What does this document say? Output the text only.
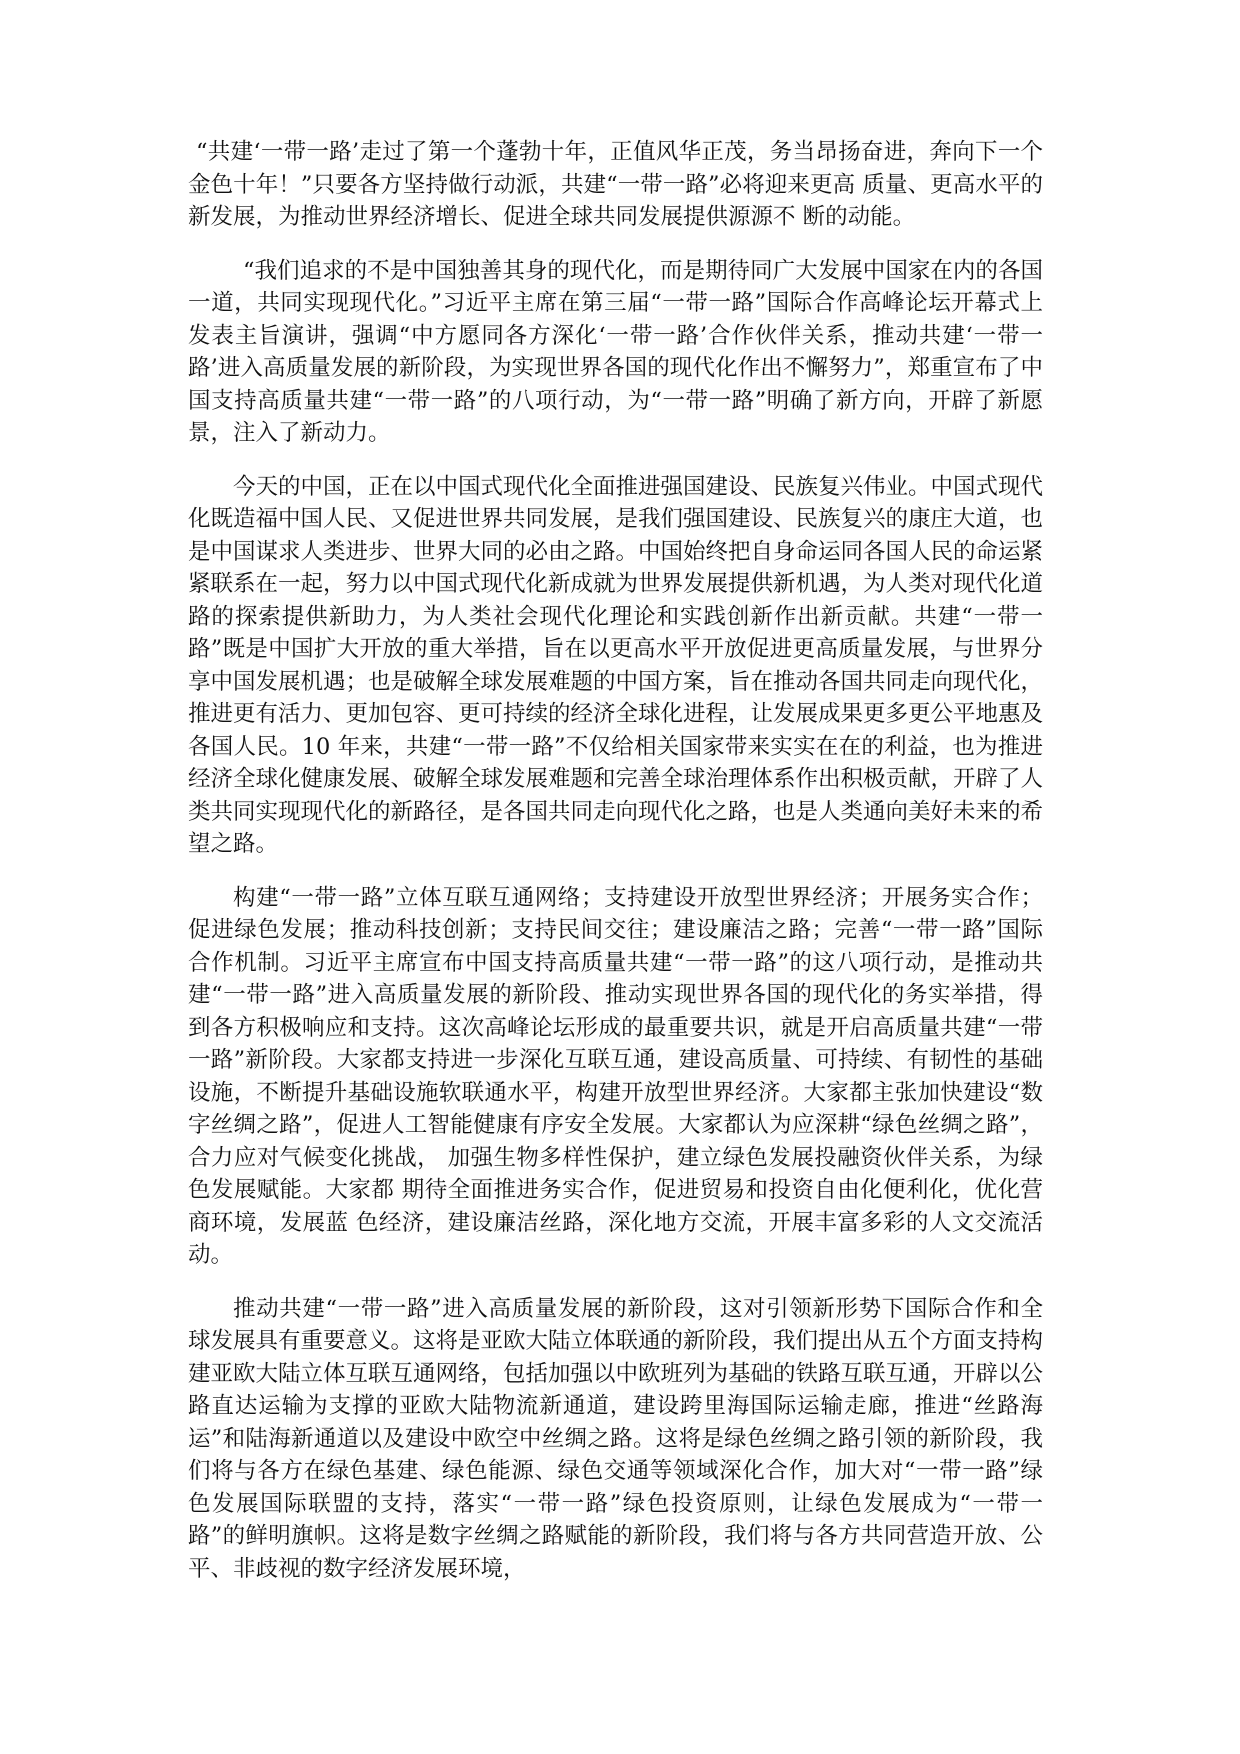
“共建‘一带一路’走过了第一个蓬勃十年，正值风华正茂，务当昂扬奋进，奔向下一个金色十年！”只要各方坚持做行动派，共建“一带一路”必将迎来更高 质量、更高水平的新发展，为推动世界经济增长、促进全球共同发展提供源源不 断的动能。

“我们追求的不是中国独善其身的现代化，而是期待同广大发展中国家在内的各国一道，共同实现现代化。”习近平主席在第三届“一带一路”国际合作高峰论坛开幕式上发表主旨演讲，强调“中方愿同各方深化‘一带一路’合作伙伴关系，推动共建‘一带一路’进入高质量发展的新阶段，为实现世界各国的现代化作出不懈努力”，郑重宣布了中国支持高质量共建“一带一路”的八项行动，为“一带一路”明确了新方向，开辟了新愿景，注入了新动力。

今天的中国，正在以中国式现代化全面推进强国建设、民族复兴伟业。中国式现代化既造福中国人民、又促进世界共同发展，是我们强国建设、民族复兴的康庄大道，也是中国谋求人类进步、世界大同的必由之路。中国始终把自身命运同各国人民的命运紧紧联系在一起，努力以中国式现代化新成就为世界发展提供新机遇，为人类对现代化道路的探索提供新助力，为人类社会现代化理论和实践创新作出新贡献。共建“一带一路”既是中国扩大开放的重大举措，旨在以更高水平开放促进更高质量发展，与世界分享中国发展机遇；也是破解全球发展难题的中国方案，旨在推动各国共同走向现代化，推进更有活力、更加包容、更可持续的经济全球化进程，让发展成果更多更公平地惠及各国人民。10 年来，共建“一带一路”不仅给相关国家带来实实在在的利益，也为推进经济全球化健康发展、破解全球发展难题和完善全球治理体系作出积极贡献，开辟了人类共同实现现代化的新路径，是各国共同走向现代化之路，也是人类通向美好未来的希望之路。

构建“一带一路”立体互联互通网络；支持建设开放型世界经济；开展务实合作；促进绿色发展；推动科技创新；支持民间交往；建设廉洁之路；完善“一带一路”国际合作机制。习近平主席宣布中国支持高质量共建“一带一路”的这八项行动，是推动共建“一带一路”进入高质量发展的新阶段、推动实现世界各国的现代化的务实举措，得到各方积极响应和支持。这次高峰论坛形成的最重要共识，就是开启高质量共建“一带一路”新阶段。大家都支持进一步深化互联互通，建设高质量、可持续、有韧性的基础设施，不断提升基础设施软联通水平，构建开放型世界经济。大家都主张加快建设“数字丝绸之路”，促进人工智能健康有序安全发展。大家都认为应深耕“绿色丝绸之路”，合力应对气候变化挑战， 加强生物多样性保护，建立绿色发展投融资伙伴关系，为绿色发展赋能。大家都 期待全面推进务实合作，促进贸易和投资自由化便利化，优化营商环境，发展蓝 色经济，建设廉洁丝路，深化地方交流，开展丰富多彩的人文交流活动。

推动共建“一带一路”进入高质量发展的新阶段，这对引领新形势下国际合作和全球发展具有重要意义。这将是亚欧大陆立体联通的新阶段，我们提出从五个方面支持构建亚欧大陆立体互联互通网络，包括加强以中欧班列为基础的铁路互联互通，开辟以公路直达运输为支撑的亚欧大陆物流新通道，建设跨里海国际运输走廊，推进“丝路海运”和陆海新通道以及建设中欧空中丝绸之路。这将是绿色丝绸之路引领的新阶段，我们将与各方在绿色基建、绿色能源、绿色交通等领域深化合作，加大对“一带一路”绿色发展国际联盟的支持，落实“一带一路”绿色投资原则，让绿色发展成为“一带一路”的鲜明旗帜。这将是数字丝绸之路赋能的新阶段，我们将与各方共同营造开放、公平、非歧视的数字经济发展环境，
